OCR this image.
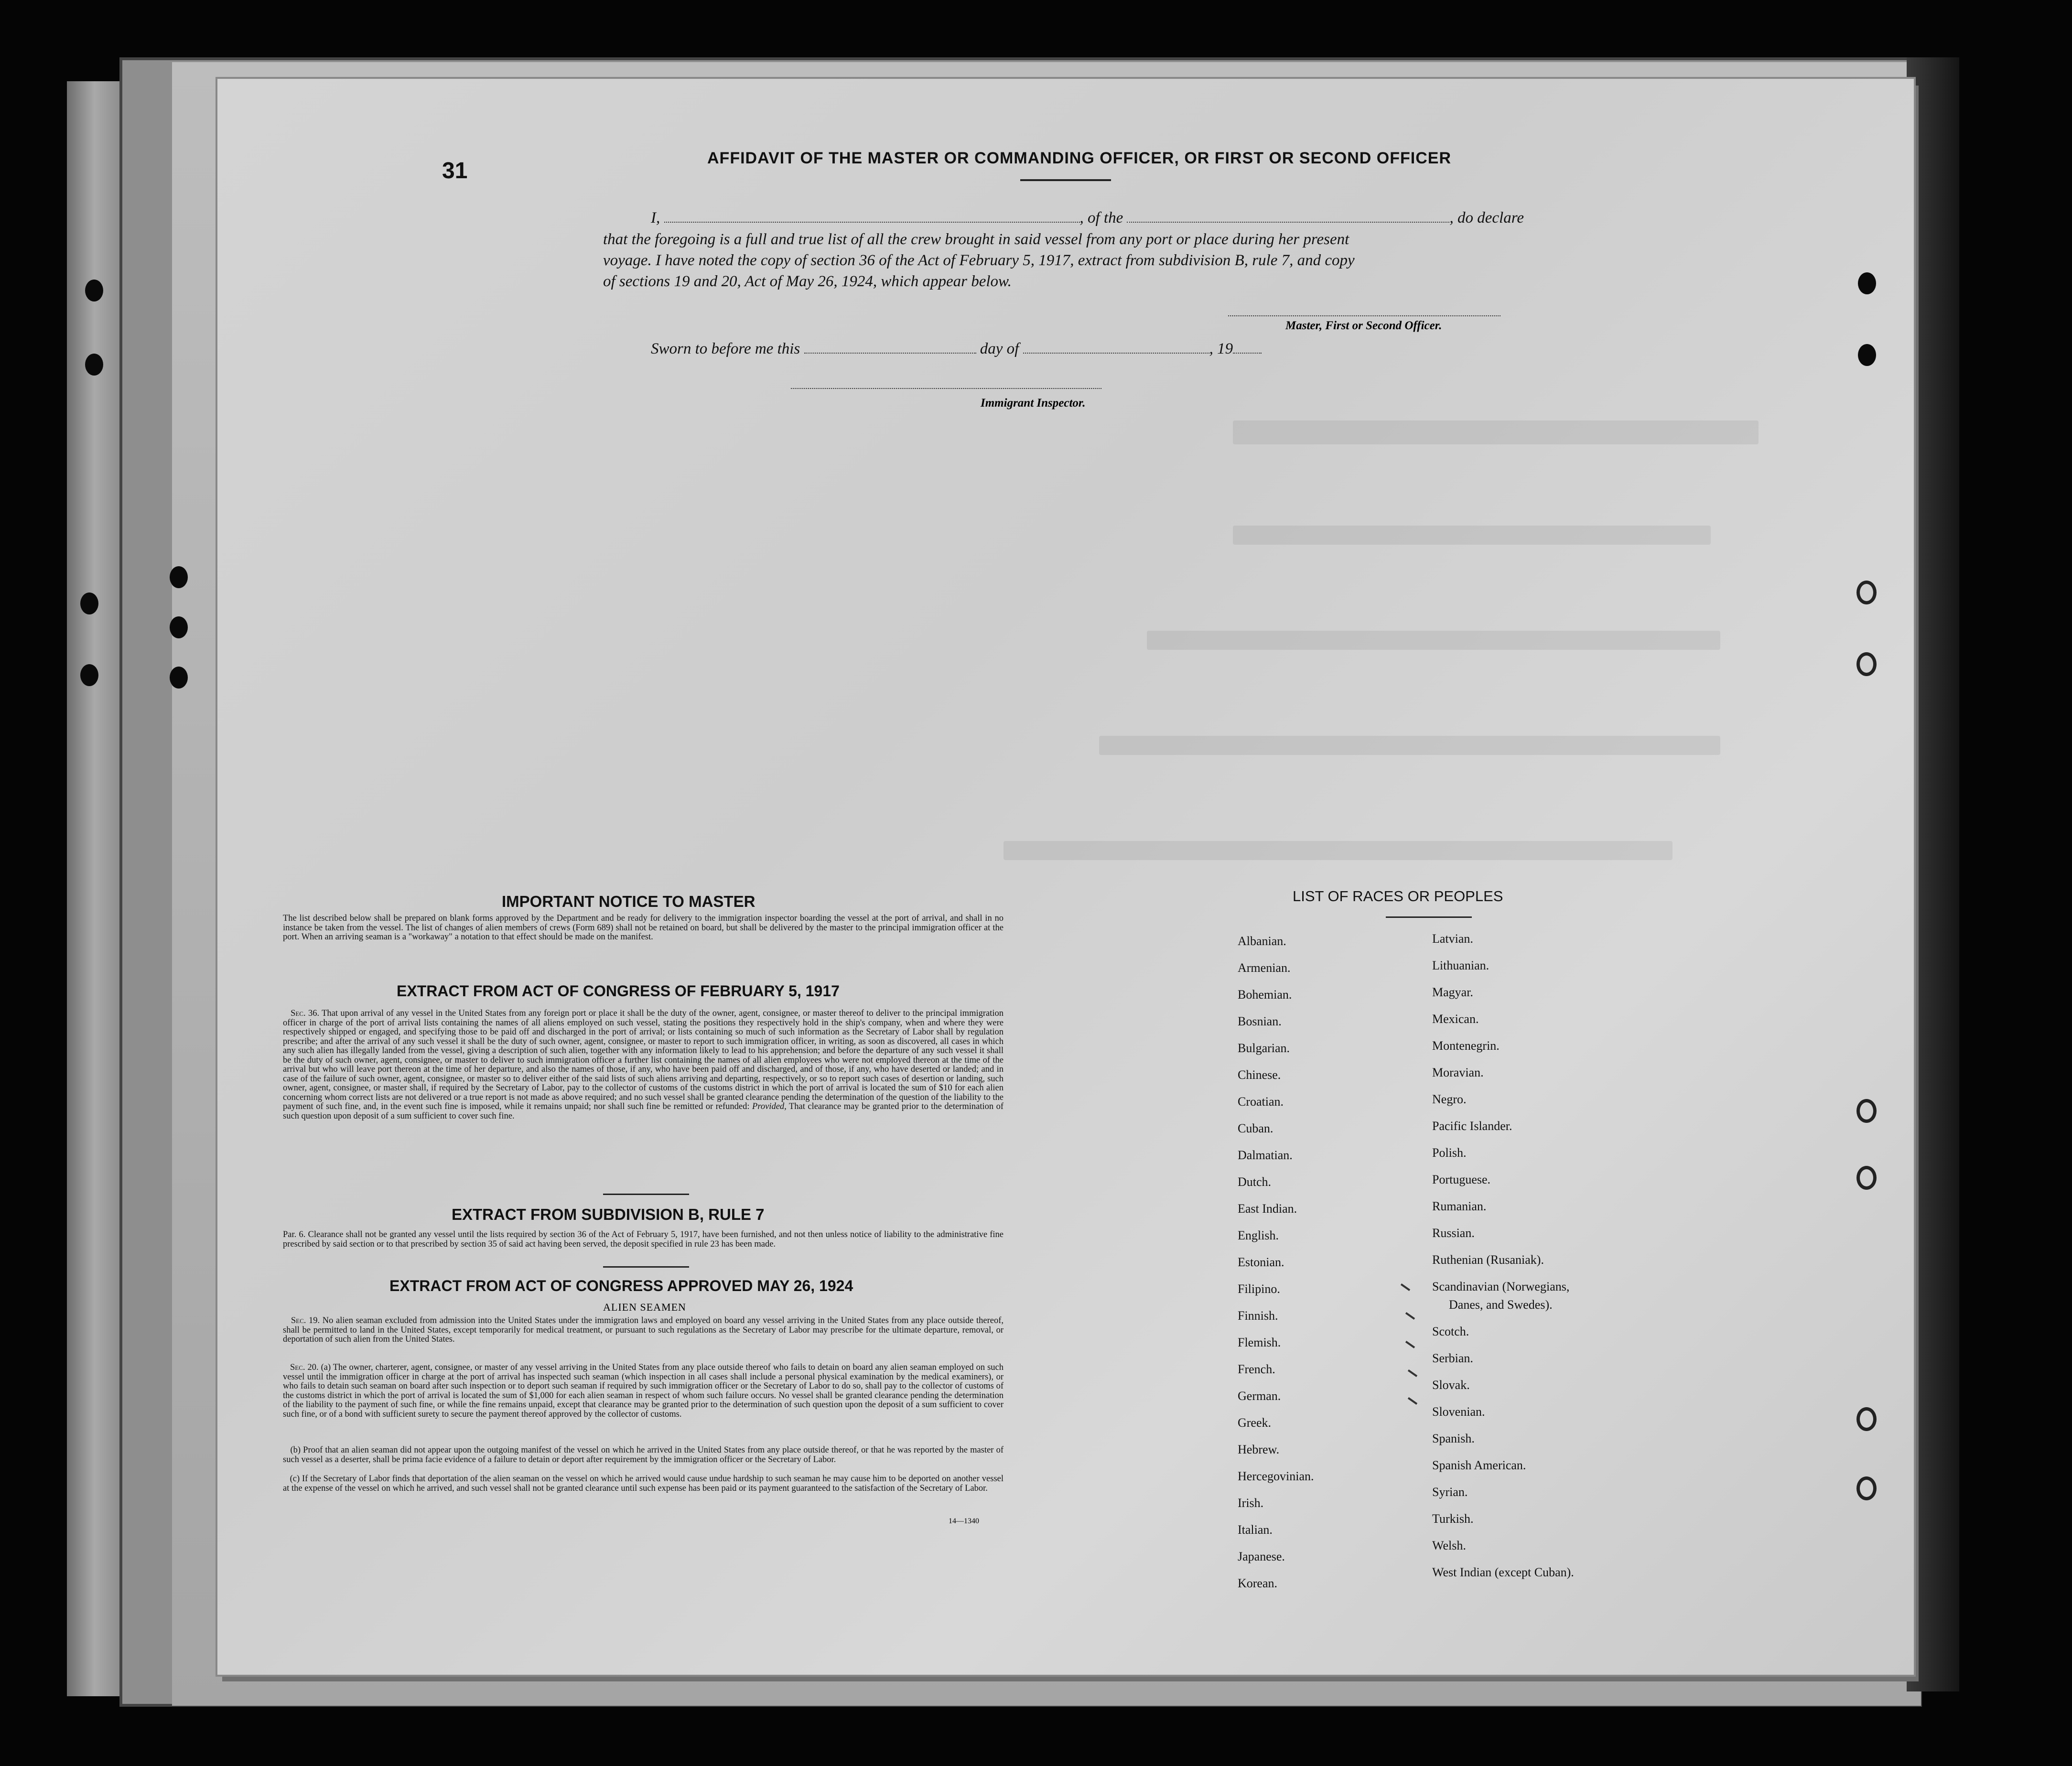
31	AFFIDAVIT OF THE MASTER OR COMMANDING OFFICER, OR FIRST OR SECOND OFFICER
I,	, of the	, do declare
that the foregoing is a full and true list of all the crew brought in said vessel from any port or place during her present
voyage. I have noted the copy of section 36 of the Act of February 5, 1917, extract from subdivision B, rule 7, and copy
of sections 19 and 20, Act of May 26, 1924, which appear below.
Master, First or Second Officer.
Sworn to before me this	day of	, 19
Immigrant Inspector.
IMPORTANT NOTICE TO MASTER
The list described below shall be prepared on blank forms approved by the Department and be ready for delivery to the immigration inspector boarding the vessel at the port of arrival, and shall in no instance be taken from the vessel. The list of changes of alien members of crews (Form 689) shall not be retained on board, but shall be delivered by the master to the principal immigration officer at the port. When an arriving seaman is a "workaway" a notation to that effect should be made on the manifest.
EXTRACT FROM ACT OF CONGRESS OF FEBRUARY 5, 1917
Sec. 36. That upon arrival of any vessel in the United States from any foreign port or place it shall be the duty of the owner, agent, consignee, or master thereof to deliver to the principal immigration officer in charge of the port of arrival lists containing the names of all aliens employed on such vessel, stating the positions they respectively hold in the ship's company, when and where they were respectively shipped or engaged, and specifying those to be paid off and discharged in the port of arrival; or lists containing so much of such information as the Secretary of Labor shall by regulation prescribe; and after the arrival of any such vessel it shall be the duty of such owner, agent, consignee, or master to report to such immigration officer, in writing, as soon as discovered, all cases in which any such alien has illegally landed from the vessel, giving a description of such alien, together with any information likely to lead to his apprehension; and before the departure of any such vessel it shall be the duty of such owner, agent, consignee, or master to deliver to such immigration officer a further list containing the names of all alien employees who were not employed thereon at the time of the arrival but who will leave port thereon at the time of her departure, and also the names of those, if any, who have been paid off and discharged, and of those, if any, who have deserted or landed; and in case of the failure of such owner, agent, consignee, or master so to deliver either of the said lists of such aliens arriving and departing, respectively, or so to report such cases of desertion or landing, such owner, agent, consignee, or master shall, if required by the Secretary of Labor, pay to the collector of customs of the customs district in which the port of arrival is located the sum of $10 for each alien concerning whom correct lists are not delivered or a true report is not made as above required; and no such vessel shall be granted clearance pending the determination of the question of the liability to the payment of such fine, and, in the event such fine is imposed, while it remains unpaid; nor shall such fine be remitted or refunded: Provided, That clearance may be granted prior to the determination of such question upon deposit of a sum sufficient to cover such fine.
EXTRACT FROM SUBDIVISION B, RULE 7
Par. 6. Clearance shall not be granted any vessel until the lists required by section 36 of the Act of February 5, 1917, have been furnished, and not then unless notice of liability to the administrative fine prescribed by said section or to that prescribed by section 35 of said act having been served, the deposit specified in rule 23 has been made.
EXTRACT FROM ACT OF CONGRESS APPROVED MAY 26, 1924
ALIEN SEAMEN
Sec. 19. No alien seaman excluded from admission into the United States under the immigration laws and employed on board any vessel arriving in the United States from any place outside thereof, shall be permitted to land in the United States, except temporarily for medical treatment, or pursuant to such regulations as the Secretary of Labor may prescribe for the ultimate departure, removal, or deportation of such alien from the United States.
Sec. 20. (a) The owner, charterer, agent, consignee, or master of any vessel arriving in the United States from any place outside thereof who fails to detain on board any alien seaman employed on such vessel until the immigration officer in charge at the port of arrival has inspected such seaman (which inspection in all cases shall include a personal physical examination by the medical examiners), or who fails to detain such seaman on board after such inspection or to deport such seaman if required by such immigration officer or the Secretary of Labor to do so, shall pay to the collector of customs of the customs district in which the port of arrival is located the sum of $1,000 for each alien seaman in respect of whom such failure occurs. No vessel shall be granted clearance pending the determination of the liability to the payment of such fine, or while the fine remains unpaid, except that clearance may be granted prior to the determination of such question upon the deposit of a sum sufficient to cover such fine, or of a bond with sufficient surety to secure the payment thereof approved by the collector of customs.
(b) Proof that an alien seaman did not appear upon the outgoing manifest of the vessel on which he arrived in the United States from any place outside thereof, or that he was reported by the master of such vessel as a deserter, shall be prima facie evidence of a failure to detain or deport after requirement by the immigration officer or the Secretary of Labor.
(c) If the Secretary of Labor finds that deportation of the alien seaman on the vessel on which he arrived would cause undue hardship to such seaman he may cause him to be deported on another vessel at the expense of the vessel on which he arrived, and such vessel shall not be granted clearance until such expense has been paid or its payment guaranteed to the satisfaction of the Secretary of Labor.
14—1340
LIST OF RACES OR PEOPLES
Albanian.
Armenian.
Bohemian.
Bosnian.
Bulgarian.
Chinese.
Croatian.
Cuban.
Dalmatian.
Dutch.
East Indian.
English.
Estonian.
Filipino.
Finnish.
Flemish.
French.
German.
Greek.
Hebrew.
Hercegovinian.
Irish.
Italian.
Japanese.
Korean.
Latvian.
Lithuanian.
Magyar.
Mexican.
Montenegrin.
Moravian.
Negro.
Pacific Islander.
Polish.
Portuguese.
Rumanian.
Russian.
Ruthenian (Rusaniak).
Scandinavian (Norwegians,
Danes, and Swedes).
Scotch.
Serbian.
Slovak.
Slovenian.
Spanish.
Spanish American.
Syrian.
Turkish.
Welsh.
West Indian (except Cuban).
